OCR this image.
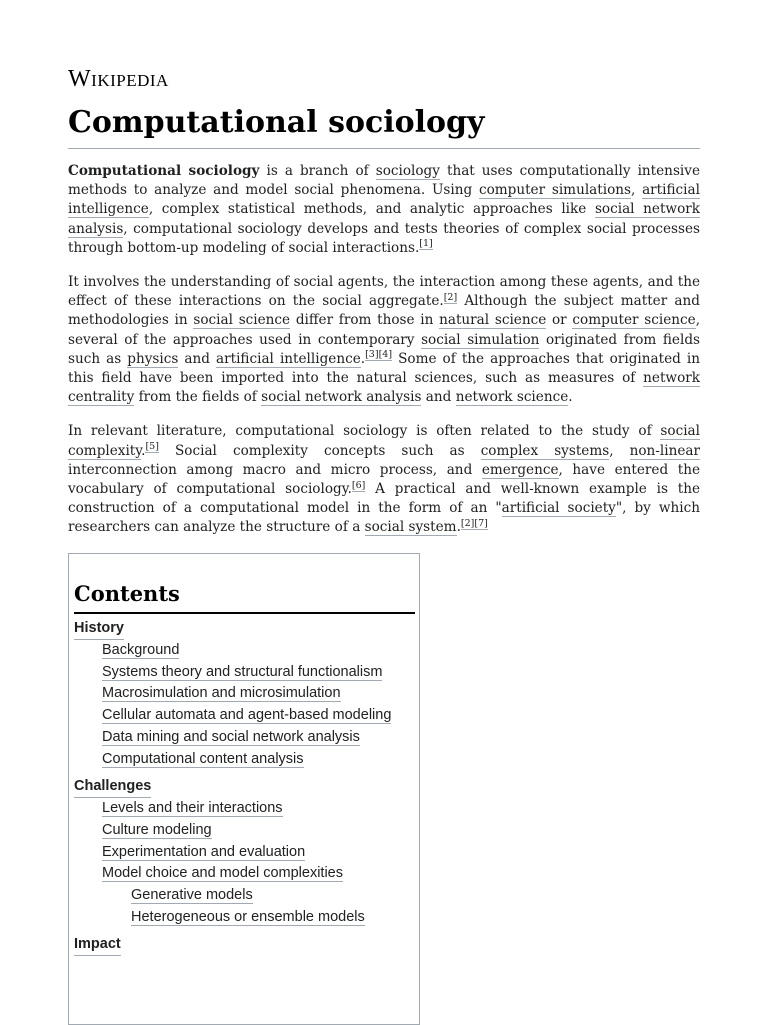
Wikipedia
Computational sociology

Computational sociology is a branch of sociology that uses computationally intensive methods to analyze and model social phenomena. Using computer simulations, artificial intelligence, complex statistical methods, and analytic approaches like social network analysis, computational sociology develops and tests theories of complex social processes through bottom-up modeling of social interactions.[1]

It involves the understanding of social agents, the interaction among these agents, and the effect of these interactions on the social aggregate.[2] Although the subject matter and methodologies in social science differ from those in natural science or computer science, several of the approaches used in contemporary social simulation originated from fields such as physics and artificial intelligence.[3][4] Some of the approaches that originated in this field have been imported into the natural sciences, such as measures of network centrality from the fields of social network analysis and network science.

In relevant literature, computational sociology is often related to the study of social complexity.[5] Social complexity concepts such as complex systems, non-linear interconnection among macro and micro process, and emergence, have entered the vocabulary of computational sociology.[6] A practical and well-known example is the construction of a computational model in the form of an "artificial society", by which researchers can analyze the structure of a social system.[2][7]

Contents
History
Background
Systems theory and structural functionalism
Macrosimulation and microsimulation
Cellular automata and agent-based modeling
Data mining and social network analysis
Computational content analysis
Challenges
Levels and their interactions
Culture modeling
Experimentation and evaluation
Model choice and model complexities
Generative models
Heterogeneous or ensemble models
Impact
